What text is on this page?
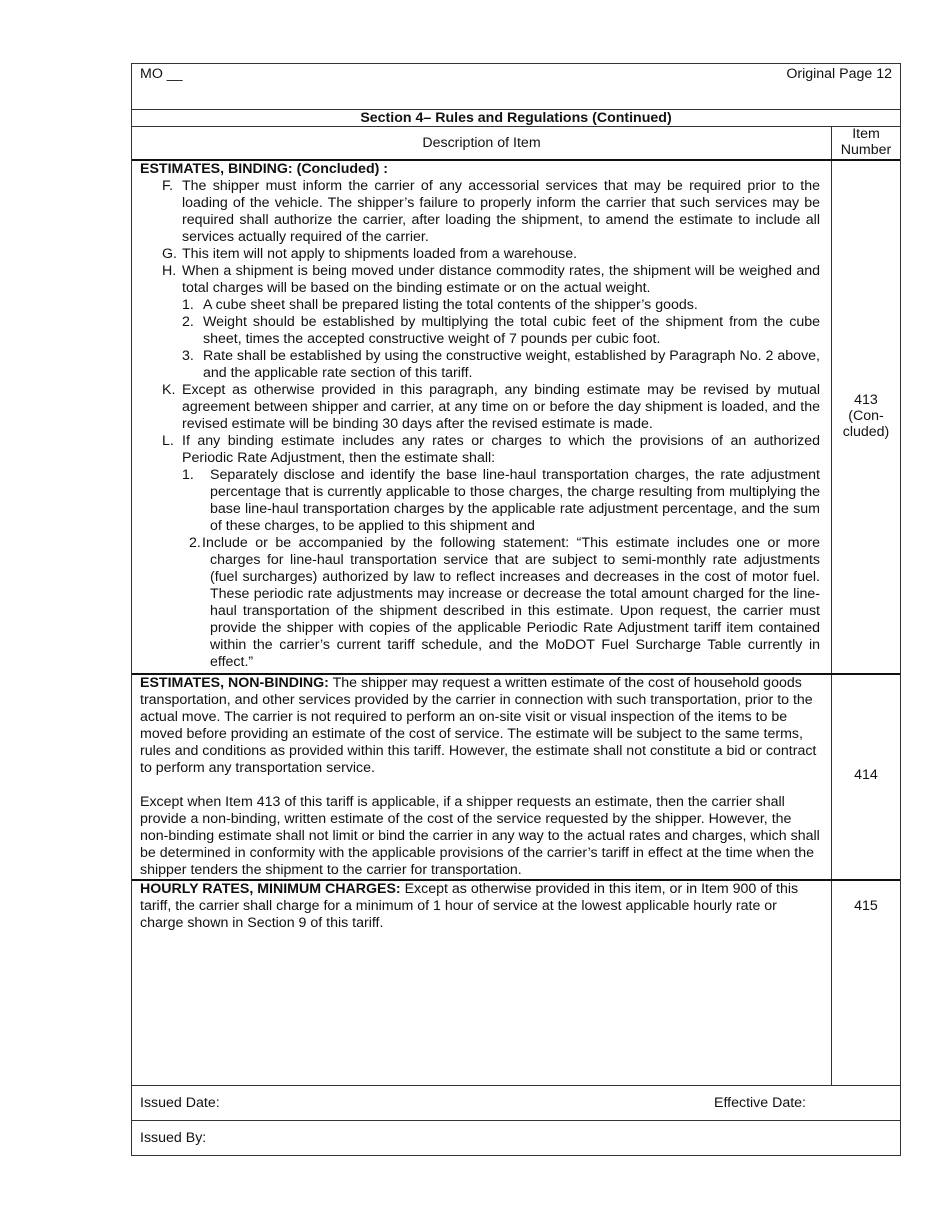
MO __	Original Page 12
Section 4– Rules and Regulations (Continued)
Description of Item
Item
Number

ESTIMATES, BINDING: (Concluded) :

F. The shipper must inform the carrier of any accessorial services that may be required prior to the loading of the vehicle. The shipper’s failure to properly inform the carrier that such services may be required shall authorize the carrier, after loading the shipment, to amend the estimate to include all services actually required of the carrier.

G. This item will not apply to shipments loaded from a warehouse.

H. When a shipment is being moved under distance commodity rates, the shipment will be weighed and total charges will be based on the binding estimate or on the actual weight.

1. A cube sheet shall be prepared listing the total contents of the shipper’s goods.

2. Weight should be established by multiplying the total cubic feet of the shipment from the cube sheet, times the accepted constructive weight of 7 pounds per cubic foot.

3. Rate shall be established by using the constructive weight, established by Paragraph No. 2 above, and the applicable rate section of this tariff.

K. Except as otherwise provided in this paragraph, any binding estimate may be revised by mutual agreement between shipper and carrier, at any time on or before the day shipment is loaded, and the revised estimate will be binding 30 days after the revised estimate is made.

L. If any binding estimate includes any rates or charges to which the provisions of an authorized Periodic Rate Adjustment, then the estimate shall:

1. Separately disclose and identify the base line-haul transportation charges, the rate adjustment percentage that is currently applicable to those charges, the charge resulting from multiplying the base line-haul transportation charges by the applicable rate adjustment percentage, and the sum of these charges, to be applied to this shipment and

2. Include or be accompanied by the following statement: “This estimate includes one or more charges for line-haul transportation service that are subject to semi-monthly rate adjustments (fuel surcharges) authorized by law to reflect increases and decreases in the cost of motor fuel. These periodic rate adjustments may increase or decrease the total amount charged for the line-haul transportation of the shipment described in this estimate. Upon request, the carrier must provide the shipper with copies of the applicable Periodic Rate Adjustment tariff item contained within the carrier’s current tariff schedule, and the MoDOT Fuel Surcharge Table currently in effect.”

413
(Con-
cluded)

ESTIMATES, NON-BINDING: The shipper may request a written estimate of the cost of household goods transportation, and other services provided by the carrier in connection with such transportation, prior to the actual move. The carrier is not required to perform an on-site visit or visual inspection of the items to be moved before providing an estimate of the cost of service. The estimate will be subject to the same terms, rules and conditions as provided within this tariff. However, the estimate shall not constitute a bid or contract to perform any transportation service.

Except when Item 413 of this tariff is applicable, if a shipper requests an estimate, then the carrier shall provide a non-binding, written estimate of the cost of the service requested by the shipper. However, the non-binding estimate shall not limit or bind the carrier in any way to the actual rates and charges, which shall be determined in conformity with the applicable provisions of the carrier’s tariff in effect at the time when the shipper tenders the shipment to the carrier for transportation.

414

HOURLY RATES, MINIMUM CHARGES: Except as otherwise provided in this item, or in Item 900 of this tariff, the carrier shall charge for a minimum of 1 hour of service at the lowest applicable hourly rate or charge shown in Section 9 of this tariff.

415
Issued Date:	Effective Date:
Issued By:
